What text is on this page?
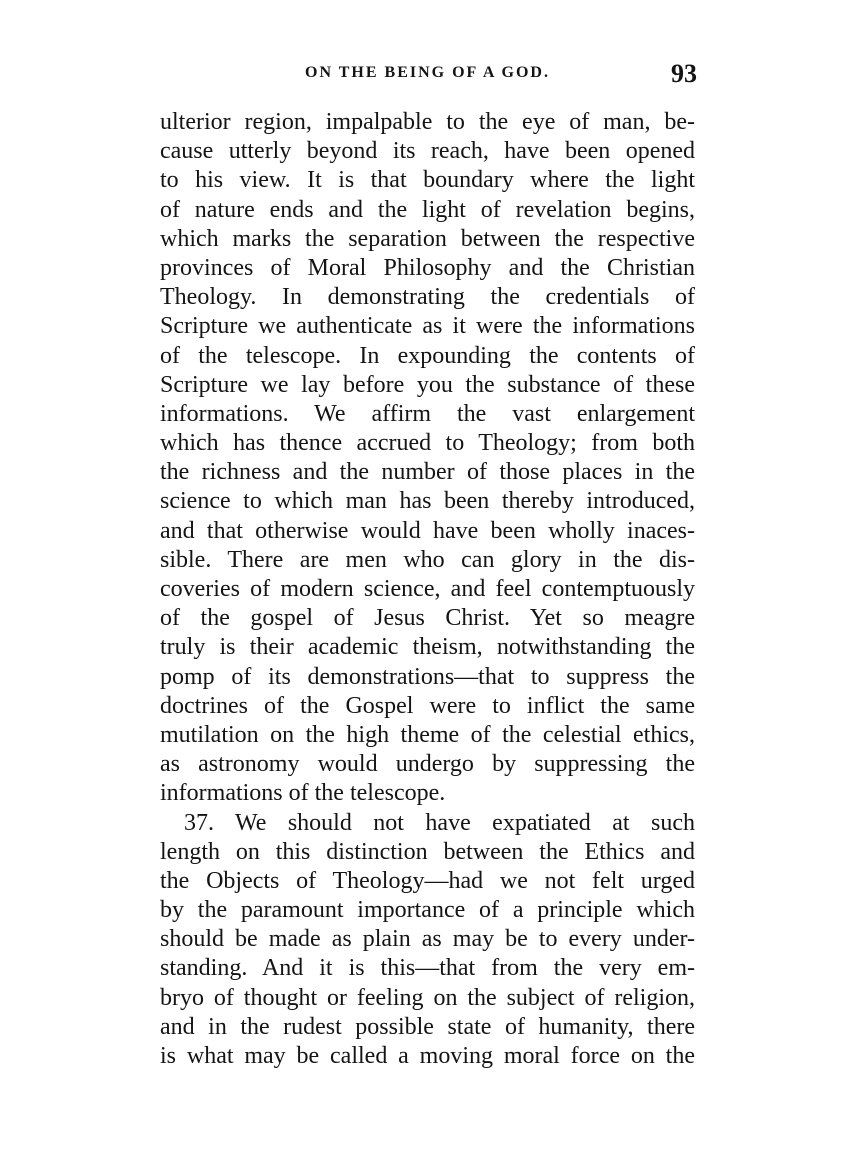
ON THE BEING OF A GOD.	93
ulterior region, impalpable to the eye of man, be-
cause utterly beyond its reach, have been opened
to his view. It is that boundary where the light
of nature ends and the light of revelation begins,
which marks the separation between the respective
provinces of Moral Philosophy and the Christian
Theology. In demonstrating the credentials of
Scripture we authenticate as it were the informations
of the telescope. In expounding the contents of
Scripture we lay before you the substance of these
informations. We affirm the vast enlargement
which has thence accrued to Theology; from both
the richness and the number of those places in the
science to which man has been thereby introduced,
and that otherwise would have been wholly inaces-
sible. There are men who can glory in the dis-
coveries of modern science, and feel contemptuously
of the gospel of Jesus Christ. Yet so meagre
truly is their academic theism, notwithstanding the
pomp of its demonstrations—that to suppress the
doctrines of the Gospel were to inflict the same
mutilation on the high theme of the celestial ethics,
as astronomy would undergo by suppressing the
informations of the telescope.
37. We should not have expatiated at such
length on this distinction between the Ethics and
the Objects of Theology—had we not felt urged
by the paramount importance of a principle which
should be made as plain as may be to every under-
standing. And it is this—that from the very em-
bryo of thought or feeling on the subject of religion,
and in the rudest possible state of humanity, there
is what may be called a moving moral force on the
